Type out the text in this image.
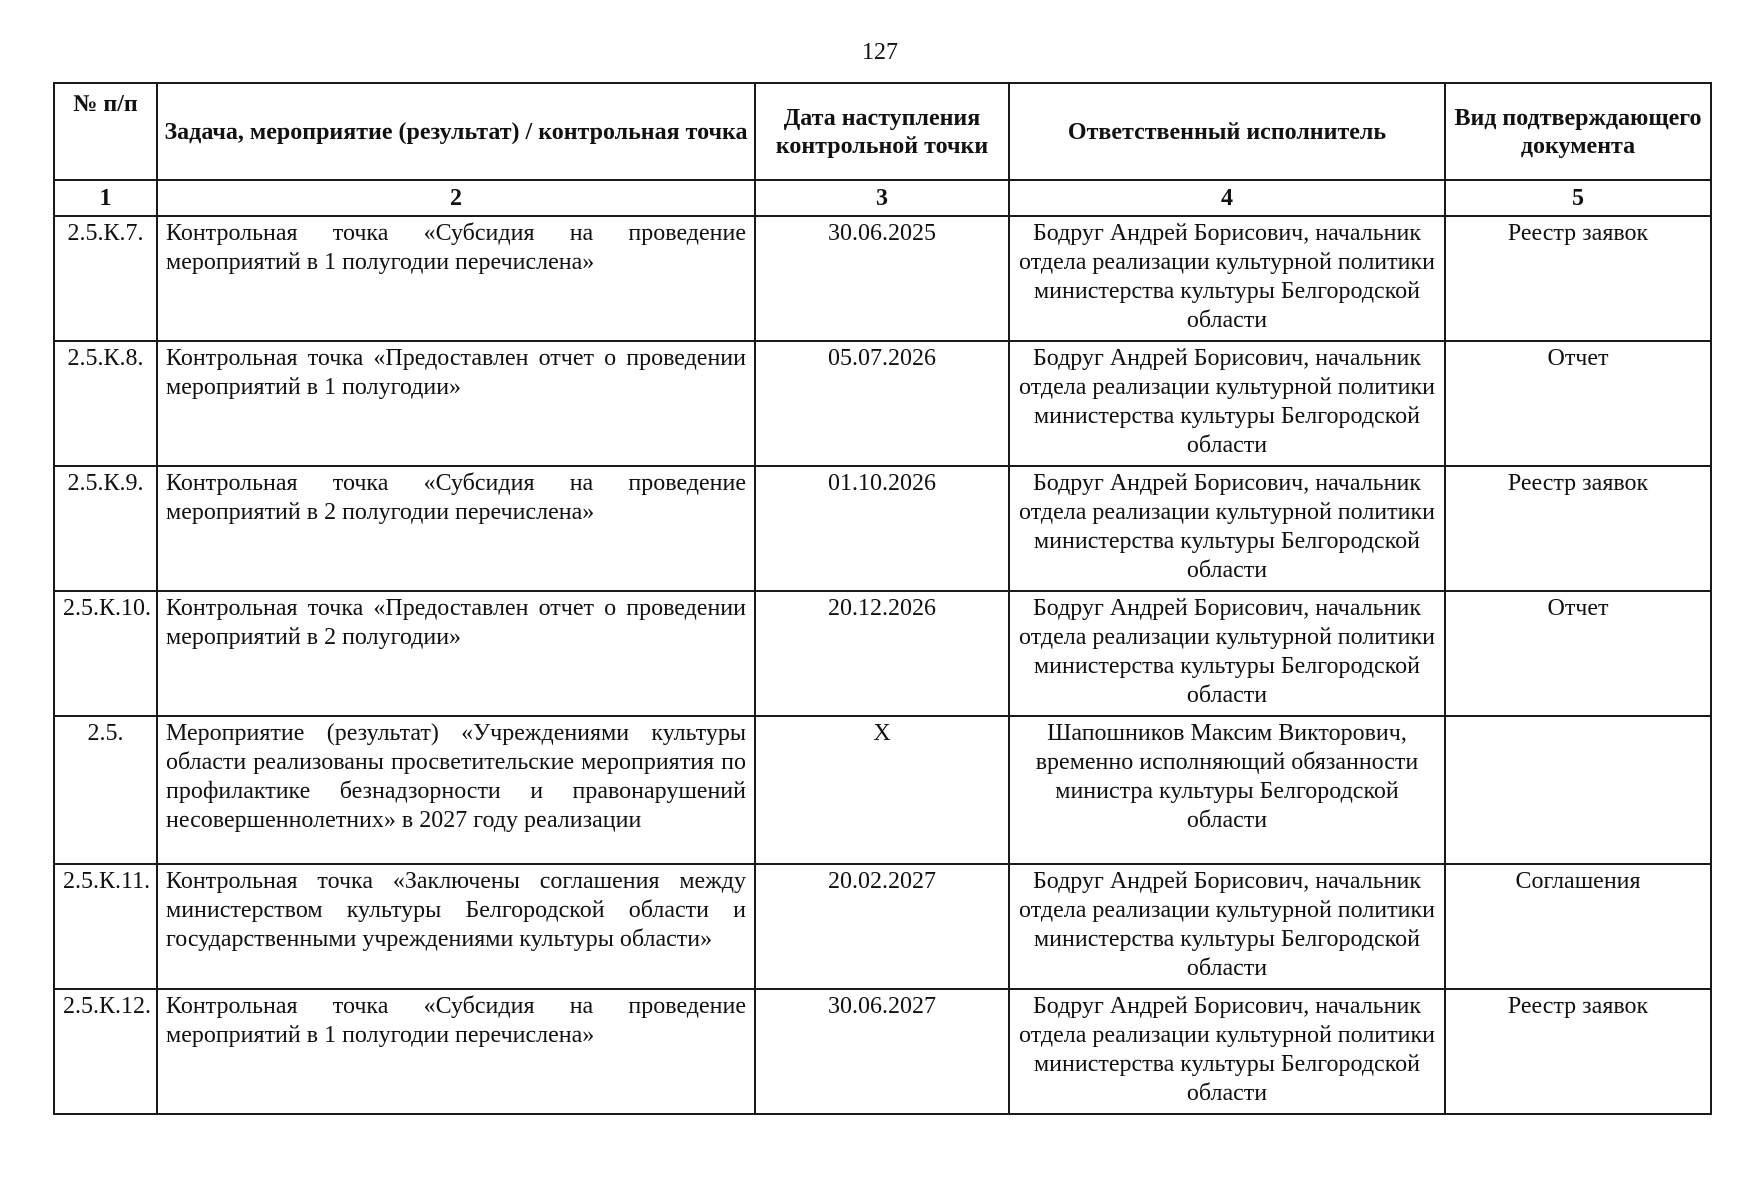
127
№ п/п	Задача, мероприятие (результат) / контрольная точка	Дата наступления контрольной точки	Ответственный исполнитель	Вид подтверждающего документа
1	2	3	4	5
2.5.К.7.	Контрольная точка «Субсидия на проведение мероприятий в 1 полугодии перечислена»	30.06.2025	Бодруг Андрей Борисович, начальник отдела реализации культурной политики министерства культуры Белгородской области	Реестр заявок
2.5.К.8.	Контрольная точка «Предоставлен отчет о проведении мероприятий в 1 полугодии»	05.07.2026	Бодруг Андрей Борисович, начальник отдела реализации культурной политики министерства культуры Белгородской области	Отчет
2.5.К.9.	Контрольная точка «Субсидия на проведение мероприятий в 2 полугодии перечислена»	01.10.2026	Бодруг Андрей Борисович, начальник отдела реализации культурной политики министерства культуры Белгородской области	Реестр заявок
2.5.К.10.	Контрольная точка «Предоставлен отчет о проведении мероприятий в 2 полугодии»	20.12.2026	Бодруг Андрей Борисович, начальник отдела реализации культурной политики министерства культуры Белгородской области	Отчет
2.5.	Мероприятие (результат) «Учреждениями культуры области реализованы просветительские мероприятия по профилактике безнадзорности и правонарушений несовершеннолетних» в 2027 году реализации	Х	Шапошников Максим Викторович, временно исполняющий обязанности министра культуры Белгородской области	
2.5.К.11.	Контрольная точка «Заключены соглашения между министерством культуры Белгородской области и государственными учреждениями культуры области»	20.02.2027	Бодруг Андрей Борисович, начальник отдела реализации культурной политики министерства культуры Белгородской области	Соглашения
2.5.К.12.	Контрольная точка «Субсидия на проведение мероприятий в 1 полугодии перечислена»	30.06.2027	Бодруг Андрей Борисович, начальник отдела реализации культурной политики министерства культуры Белгородской области	Реестр заявок
